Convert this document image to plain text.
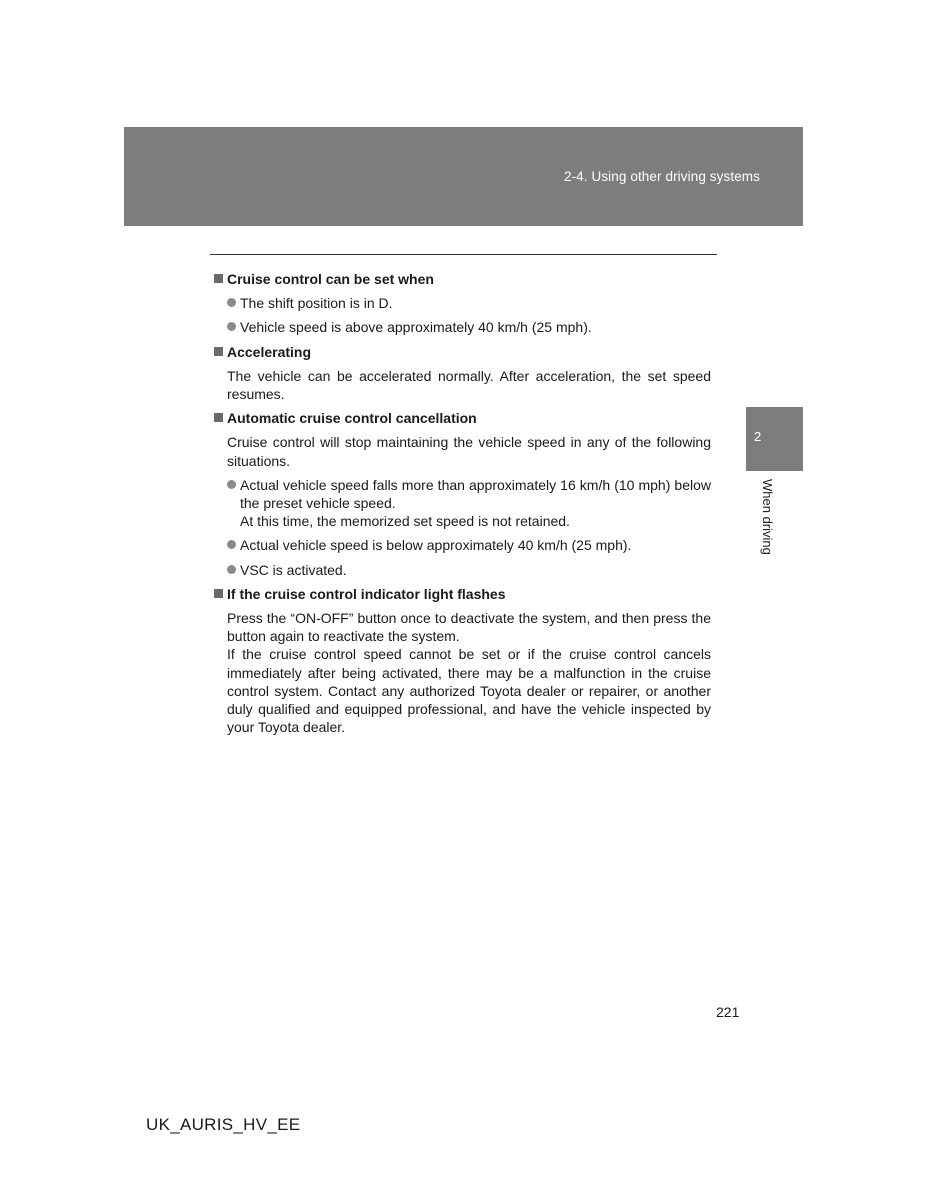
2-4. Using other driving systems
Cruise control can be set when
The shift position is in D.
Vehicle speed is above approximately 40 km/h (25 mph).
Accelerating
The vehicle can be accelerated normally. After acceleration, the set speed resumes.
Automatic cruise control cancellation
Cruise control will stop maintaining the vehicle speed in any of the following situations.
Actual vehicle speed falls more than approximately 16 km/h (10 mph) below the preset vehicle speed.
At this time, the memorized set speed is not retained.
Actual vehicle speed is below approximately 40 km/h (25 mph).
VSC is activated.
If the cruise control indicator light flashes
Press the “ON-OFF” button once to deactivate the system, and then press the button again to reactivate the system.
If the cruise control speed cannot be set or if the cruise control cancels immediately after being activated, there may be a malfunction in the cruise control system. Contact any authorized Toyota dealer or repairer, or another duly qualified and equipped professional, and have the vehicle inspected by your Toyota dealer.
2
When driving
221
UK_AURIS_HV_EE
